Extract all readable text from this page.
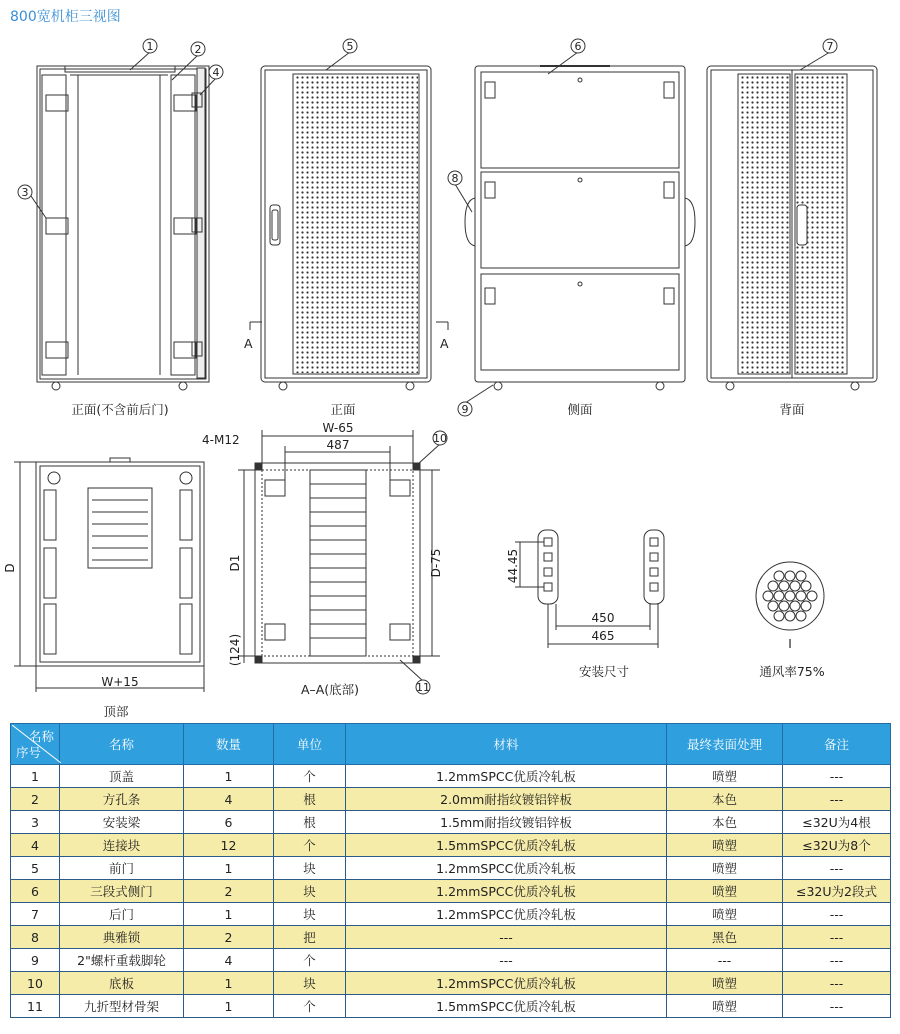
800宽机柜三视图
1	2
3
4
5	6	7
8
9
10
11
A	A
正面(不含前后门)	正面	侧面	背面
顶部
A–A(底部)
安装尺寸	通风率75%
D
W+15
4-M12
W-65
487
D1	D-75
(124)
44.45
450
465
I
名称
序号	名称	数量	单位	材料	最终表面处理	备注
1	顶盖	1	个	1.2mmSPCC优质冷轧板	喷塑	---
2	方孔条	4	根	2.0mm耐指纹镀铝锌板	本色	---
3	安装梁	6	根	1.5mm耐指纹镀铝锌板	本色	≤32U为4根
4	连接块	12	个	1.5mmSPCC优质冷轧板	喷塑	≤32U为8个
5	前门	1	块	1.2mmSPCC优质冷轧板	喷塑	---
6	三段式侧门	2	块	1.2mmSPCC优质冷轧板	喷塑	≤32U为2段式
7	后门	1	块	1.2mmSPCC优质冷轧板	喷塑	---
8	典雅锁	2	把	---	黑色	---
9	2"螺杆重载脚轮	4	个	---	---	---
10	底板	1	块	1.2mmSPCC优质冷轧板	喷塑	---
11	九折型材骨架	1	个	1.5mmSPCC优质冷轧板	喷塑	---
